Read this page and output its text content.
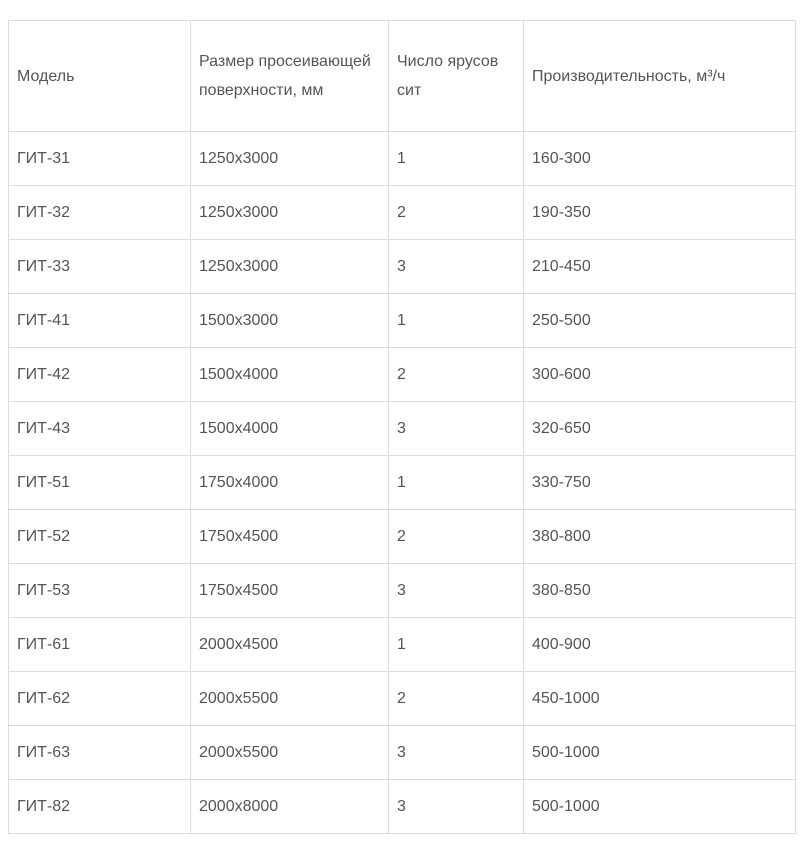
Модель	Размер просеивающей поверхности, мм	Число ярусов сит	Производительность, м³/ч
ГИТ-31	1250х3000	1	160-300
ГИТ-32	1250х3000	2	190-350
ГИТ-33	1250х3000	3	210-450
ГИТ-41	1500х3000	1	250-500
ГИТ-42	1500х4000	2	300-600
ГИТ-43	1500х4000	3	320-650
ГИТ-51	1750х4000	1	330-750
ГИТ-52	1750х4500	2	380-800
ГИТ-53	1750х4500	3	380-850
ГИТ-61	2000х4500	1	400-900
ГИТ-62	2000х5500	2	450-1000
ГИТ-63	2000х5500	3	500-1000
ГИТ-82	2000х8000	3	500-1000
